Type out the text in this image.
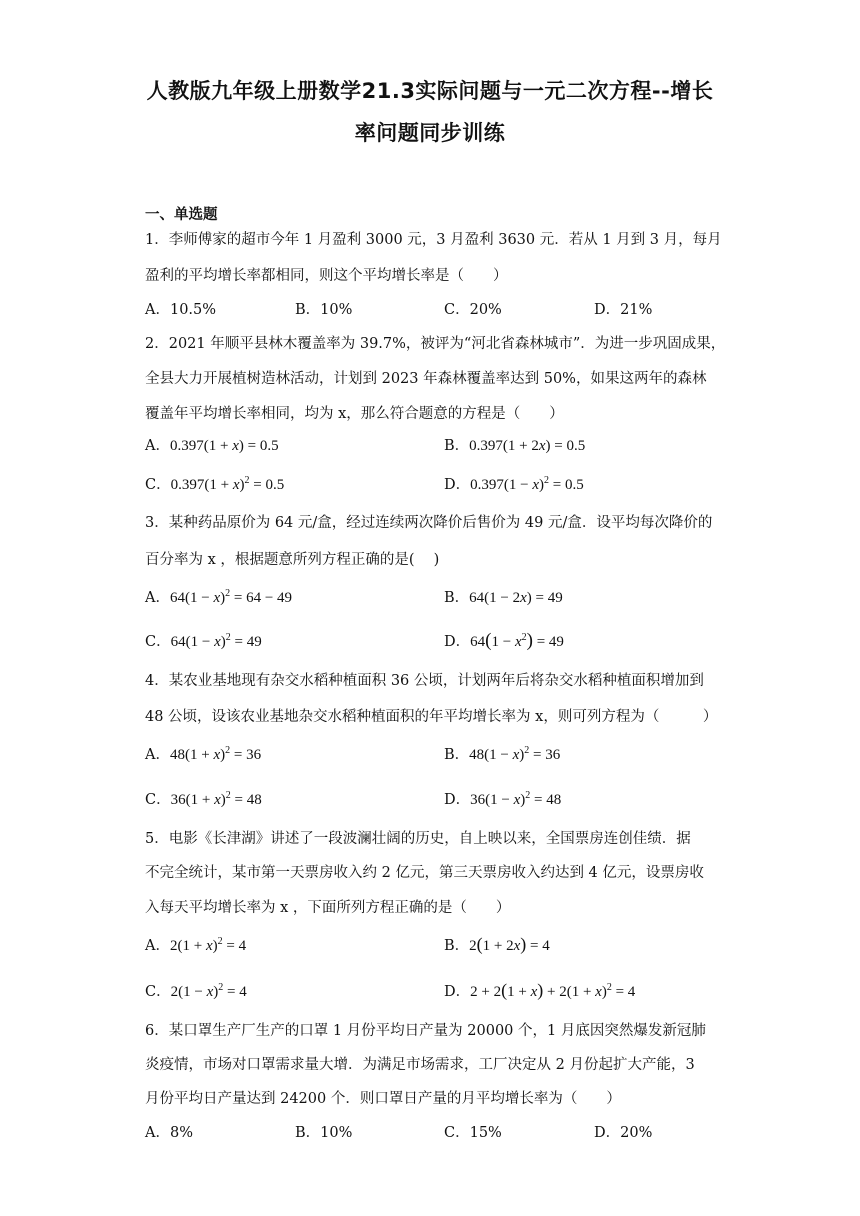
人教版九年级上册数学21.3实际问题与一元二次方程--增长
率问题同步训练
一、单选题
1．李师傅家的超市今年 1 月盈利 3000 元，3 月盈利 3630 元．若从 1 月到 3 月，每月
盈利的平均增长率都相同，则这个平均增长率是（　　）
A．10.5%	B．10%	C．20%	D．21%
2．2021 年顺平县林木覆盖率为 39.7%，被评为“河北省森林城市”．为进一步巩固成果，
全县大力开展植树造林活动，计划到 2023 年森林覆盖率达到 50%，如果这两年的森林
覆盖年平均增长率相同，均为 x，那么符合题意的方程是（　　）
A．0.397(1 + x) = 0.5	B．0.397(1 + 2x) = 0.5
C．$0.397(1 + x)^2 = 0.5$	D．$0.397(1 - x)^2 = 0.5$
3．某种药品原价为 64 元/盒，经过连续两次降价后售价为 49 元/盒．设平均每次降价的
百分率为 x ，根据题意所列方程正确的是(　 )
A．$64(1 - x)^2 = 64 - 49$	B．64(1 − 2x) = 49
C．$64(1 - x)^2 = 49$	D．$64(1 - x^2) = 49$
4．某农业基地现有杂交水稻种植面积 36 公顷，计划两年后将杂交水稻种植面积增加到
48 公顷，设该农业基地杂交水稻种植面积的年平均增长率为 x，则可列方程为（　　　）
A．$48(1 + x)^2 = 36$	B．$48(1 - x)^2 = 36$
C．$36(1 + x)^2 = 48$	D．$36(1 - x)^2 = 48$
5．电影《长津湖》讲述了一段波澜壮阔的历史，自上映以来，全国票房连创佳绩．据
不完全统计，某市第一天票房收入约 2 亿元，第三天票房收入约达到 4 亿元，设票房收
入每天平均增长率为 x ，下面所列方程正确的是（　　）
A．$2(1 + x)^2 = 4$	B．2(1 + 2x) = 4
C．$2(1 - x)^2 = 4$	D．$2 + 2(1 + x) + 2(1 + x)^2 = 4$
6．某口罩生产厂生产的口罩 1 月份平均日产量为 20000 个，1 月底因突然爆发新冠肺
炎疫情，市场对口罩需求量大增．为满足市场需求，工厂决定从 2 月份起扩大产能，3
月份平均日产量达到 24200 个．则口罩日产量的月平均增长率为（　　）
A．8%	B．10%	C．15%	D．20%
